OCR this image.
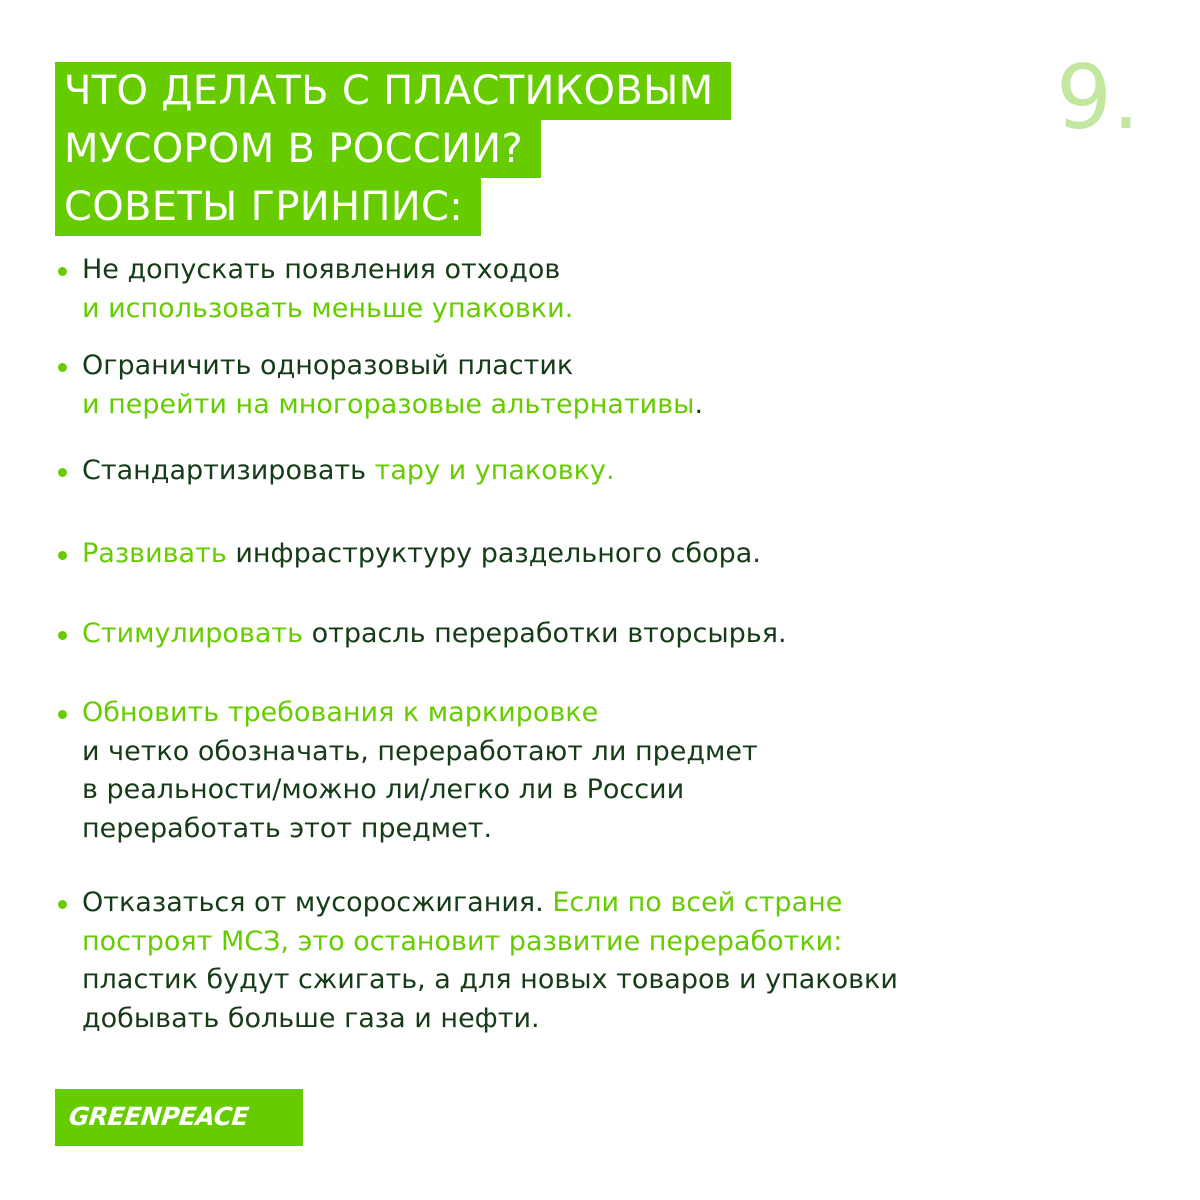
ЧТО ДЕЛАТЬ С ПЛАСТИКОВЫМ
МУСОРОМ В РОССИИ?
СОВЕТЫ ГРИНПИС:
9.
Не допускать появления отходов
и использовать меньше упаковки.
Ограничить одноразовый пластик
и перейти на многоразовые альтернативы.
Стандартизировать тару и упаковку.
Развивать инфраструктуру раздельного сбора.
Стимулировать отрасль переработки вторсырья.
Обновить требования к маркировке
и четко обозначать, переработают ли предмет
в реальности/можно ли/легко ли в России
переработать этот предмет.
Отказаться от мусоросжигания. Если по всей стране
построят МСЗ, это остановит развитие переработки:
пластик будут сжигать, а для новых товаров и упаковки
добывать больше газа и нефти.
GREENPEACE
